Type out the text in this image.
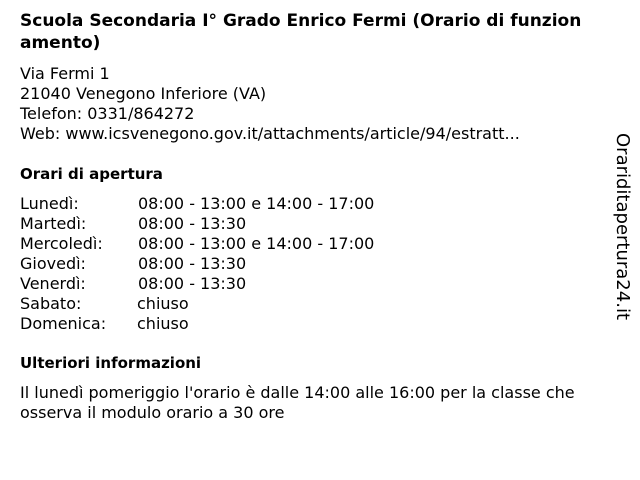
Scuola Secondaria I° Grado Enrico Fermi (Orario di funzionamento)
Via Fermi 1
21040 Venegono Inferiore (VA)
Telefon: 0331/864272
Web: www.icsvenegono.gov.it/attachments/article/94/estratt...
Orari di apertura
Lunedì:	08:00 - 13:00 e 14:00 - 17:00
Martedì:	08:00 - 13:30
Mercoledì: 08:00 - 13:00 e 14:00 - 17:00
Giovedì:	08:00 - 13:30
Venerdì:	08:00 - 13:30
Sabato:	chiuso
Domenica: chiuso
Ulteriori informazioni
Il lunedì pomeriggio l'orario è dalle 14:00 alle 16:00 per la classe che osserva il modulo orario a 30 ore
Orariditapertura24.it
